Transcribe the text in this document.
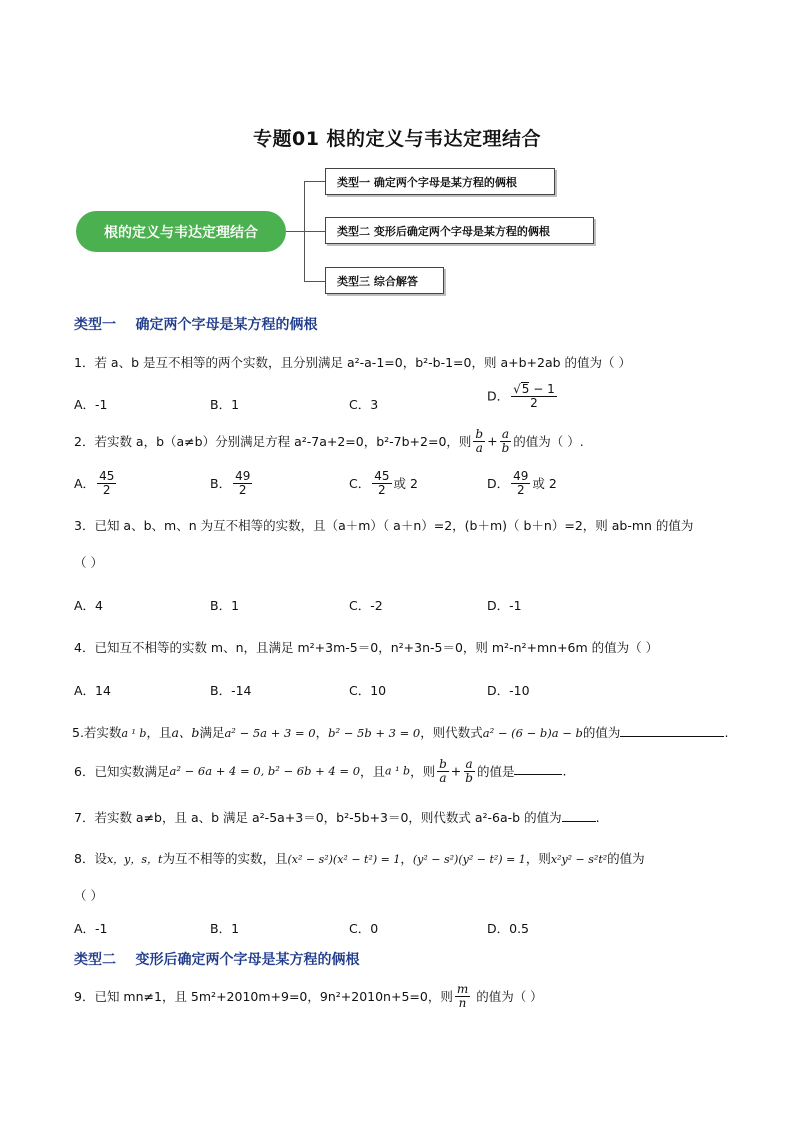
专题01 根的定义与韦达定理结合
根的定义与韦达定理结合
类型一 确定两个字母是某方程的俩根
类型二 变形后确定两个字母是某方程的俩根
类型三 综合解答
类型一 确定两个字母是某方程的俩根
1．若 a、b 是互不相等的两个实数，且分别满足 a²-a-1=0，b²-b-1=0，则 a+b+2ab 的值为（ ）
A．-1	B．1	C．3
D． $\frac{√5 - 1}{2}$
2．若实数 a，b（a≠b）分别满足方程 a²-7a+2=0，b²-7b+2=0，则 $\frac{b}{a} + \frac{a}{b}$ 的值为（ ）.
A． $\frac{45}{2}$	B． $\frac{49}{2}$	C． $\frac{45}{2}$ 或 2	D． $\frac{49}{2}$ 或 2
3．已知 a、b、m、n 为互不相等的实数，且（a＋m）（ a＋n）=2，(b＋m)（ b＋n）=2，则 ab-mn 的值为
（ ）
A．4	B．1	C．-2	D．-1
4．已知互不相等的实数 m、n，且满足 m²+3m-5＝0，n²+3n-5＝0，则 m²-n²+mn+6m 的值为（ ）
A．14	B．-14	C．10	D．-10
5.若实数a ¹ b，且a、b满足a² − 5a + 3 = 0，b² − 5b + 3 = 0，则代数式a² − (6 − b)a − b的值为	.
6．已知实数满足a² − 6a + 4 = 0, b² − 6b + 4 = 0，且a ¹ b，则 $\frac{b}{a} + \frac{a}{b}$ 的值是	.
7．若实数 a≠b，且 a、b 满足 a²-5a+3＝0，b²-5b+3＝0，则代数式 a²-6a-b 的值为	.
8．设x，y，s，t为互不相等的实数，且(x² − s²)(x² − t²) = 1，(y² − s²)(y² − t²) = 1，则x²y² − s²t²的值为
（ ）
A．-1	B．1	C．0	D．0.5
类型二 变形后确定两个字母是某方程的俩根
9．已知 mn≠1，且 5m²+2010m+9=0，9n²+2010n+5=0，则 $\frac{m}{n}$ 的值为（ ）
